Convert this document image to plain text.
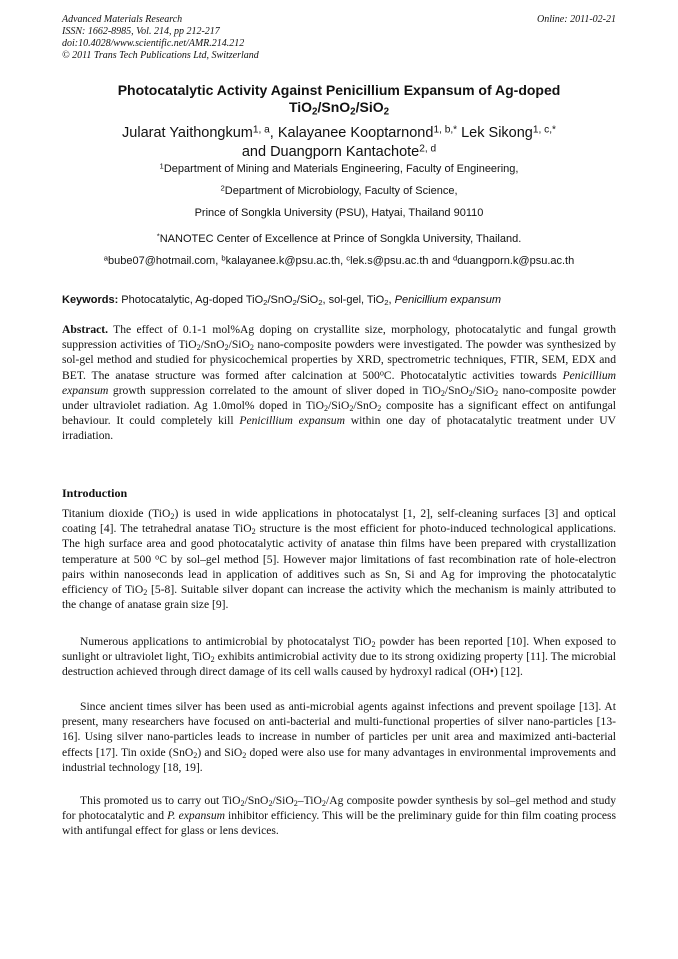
Advanced Materials Research
ISSN: 1662-8985, Vol. 214, pp 212-217
doi:10.4028/www.scientific.net/AMR.214.212
© 2011 Trans Tech Publications Ltd, Switzerland
Online: 2011-02-21
Photocatalytic Activity Against Penicillium Expansum of Ag-doped
TiO$_2$/SnO$_2$/SiO$_2$
Jularat Yaithongkum$^{1, a}$, Kalayanee Kooptarnond$^{1, b,*}$ Lek Sikong$^{1, c,*}$
and Duangporn Kantachote$^{2, d}$
$^1$Department of Mining and Materials Engineering, Faculty of Engineering,
$^2$Department of Microbiology, Faculty of Science,
Prince of Songkla University (PSU), Hatyai, Thailand 90110
*NANOTEC Center of Excellence at Prince of Songkla University, Thailand.
$^a$bube07@hotmail.com, $^b$kalayanee.k@psu.ac.th, $^c$lek.s@psu.ac.th and $^d$duangporn.k@psu.ac.th
Keywords: Photocatalytic, Ag-doped TiO$_2$/SnO$_2$/SiO$_2$, sol-gel, TiO$_2$, Penicillium expansum
Abstract. The effect of 0.1-1 mol%Ag doping on crystallite size, morphology, photocatalytic and fungal growth suppression activities of TiO$_2$/SnO$_2$/SiO$_2$ nano-composite powders were investigated. The powder was synthesized by sol-gel method and studied for physicochemical properties by XRD, spectrometric techniques, FTIR, SEM, EDX and BET. The anatase structure was formed after calcination at 500$^o$C. Photocatalytic activities towards Penicillium expansum growth suppression correlated to the amount of sliver doped in TiO$_2$/SnO$_2$/SiO$_2$ nano-composite powder under ultraviolet radiation. Ag 1.0mol% doped in TiO$_2$/SiO$_2$/SnO$_2$ composite has a significant effect on antifungal behaviour. It could completely kill Penicillium expansum within one day of photacatalytic treatment under UV irradiation.
Introduction
Titanium dioxide (TiO$_2$) is used in wide applications in photocatalyst [1, 2], self-cleaning surfaces [3] and optical coating [4]. The tetrahedral anatase TiO$_2$ structure is the most efficient for photo-induced technological applications. The high surface area and good photocatalytic activity of anatase thin films have been prepared with crystallization temperature at 500 $^o$C by sol–gel method [5]. However major limitations of fast recombination rate of hole-electron pairs within nanoseconds lead in application of additives such as Sn, Si and Ag for improving the photocatalytic efficiency of TiO$_2$ [5-8]. Suitable silver dopant can increase the activity which the mechanism is mainly attributed to the change of anatase grain size [9].
Numerous applications to antimicrobial by photocatalyst TiO$_2$ powder has been reported [10]. When exposed to sunlight or ultraviolet light, TiO$_2$ exhibits antimicrobial activity due to its strong oxidizing property [11]. The microbial destruction achieved through direct damage of its cell walls caused by hydroxyl radical (OH•) [12].
Since ancient times silver has been used as anti-microbial agents against infections and prevent spoilage [13]. At present, many researchers have focused on anti-bacterial and multi-functional properties of silver nano-particles [13-16]. Using silver nano-particles leads to increase in number of particles per unit area and maximized anti-bacterial effects [17]. Tin oxide (SnO$_2$) and SiO$_2$ doped were also use for many advantages in environmental improvements and industrial technology [18, 19].
This promoted us to carry out TiO$_2$/SnO$_2$/SiO$_2$–TiO$_2$/Ag composite powder synthesis by sol–gel method and study for photocatalytic and P. expansum inhibitor efficiency. This will be the preliminary guide for thin film coating process with antifungal effect for glass or lens devices.
